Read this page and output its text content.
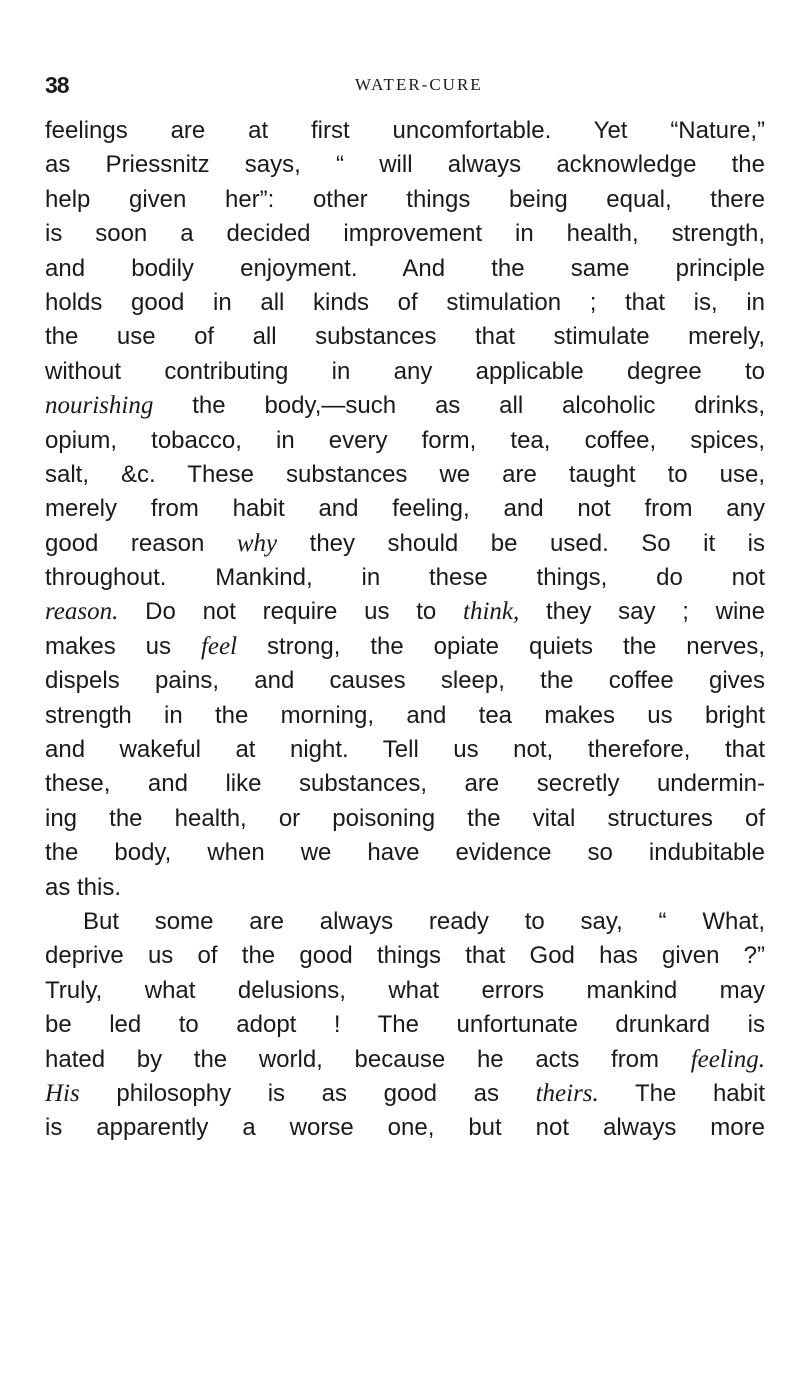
38	WATER-CURE
feelings are at first uncomfortable. Yet “Nature,”
as Priessnitz says, “ will always acknowledge the
help given her”: other things being equal, there
is soon a decided improvement in health, strength,
and bodily enjoyment. And the same principle
holds good in all kinds of stimulation ; that is, in
the use of all substances that stimulate merely,
without contributing in any applicable degree to
nourishing the body,—such as all alcoholic drinks,
opium, tobacco, in every form, tea, coffee, spices,
salt, &c. These substances we are taught to use,
merely from habit and feeling, and not from any
good reason why they should be used. So it is
throughout. Mankind, in these things, do not
reason. Do not require us to think, they say ; wine
makes us feel strong, the opiate quiets the nerves,
dispels pains, and causes sleep, the coffee gives
strength in the morning, and tea makes us bright
and wakeful at night. Tell us not, therefore, that
these, and like substances, are secretly undermin-
ing the health, or poisoning the vital structures of
the body, when we have evidence so indubitable
as this.
But some are always ready to say, “ What,
deprive us of the good things that God has given ?”
Truly, what delusions, what errors mankind may
be led to adopt ! The unfortunate drunkard is
hated by the world, because he acts from feeling.
His philosophy is as good as theirs. The habit
is apparently a worse one, but not always more
